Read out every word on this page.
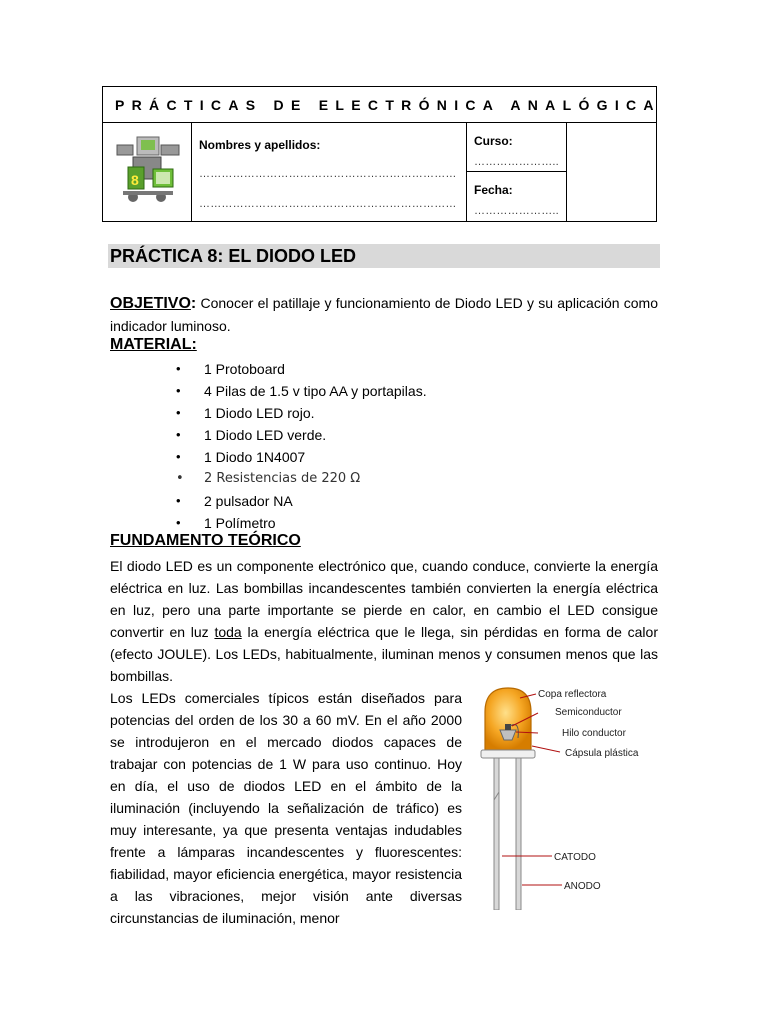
PRÁCTICAS DE ELECTRÓNICA ANALÓGICA
8
Nombres y apellidos:
……………………………………………………………
……………………………………………………………
Curso:
…………………..
Fecha:
…………………..
PRÁCTICA 8: EL DIODO LED
OBJETIVO: Conocer el patillaje y funcionamiento de Diodo LED y su aplicación como indicador luminoso.
MATERIAL:
• 1 Protoboard
• 4 Pilas de 1.5 v tipo AA y portapilas.
• 1 Diodo LED rojo.
• 1 Diodo LED verde.
• 1 Diodo 1N4007
• 2 Resistencias de 220 Ω
• 2 pulsador NA
• 1 Polímetro
FUNDAMENTO TEÓRICO
El diodo LED es un componente electrónico que, cuando conduce, convierte la energía eléctrica en luz. Las bombillas incandescentes también convierten la energía eléctrica en luz, pero una parte importante se pierde en calor, en cambio el LED consigue convertir en luz toda la energía eléctrica que le llega, sin pérdidas en forma de calor (efecto JOULE). Los LEDs, habitualmente, iluminan menos y consumen menos que las bombillas.
Los LEDs comerciales típicos están diseñados para potencias del orden de los 30 a 60 mV. En el año 2000 se introdujeron en el mercado diodos capaces de trabajar con potencias de 1 W para uso continuo. Hoy en día, el uso de diodos LED en el ámbito de la iluminación (incluyendo la señalización de tráfico) es muy interesante, ya que presenta ventajas indudables frente a lámparas incandescentes y fluorescentes: fiabilidad, mayor eficiencia energética, mayor resistencia a las vibraciones, mejor visión ante diversas circunstancias de iluminación, menor
Copa reflectora
Semiconductor
Hilo conductor
Cápsula plástica
CATODO
ANODO
